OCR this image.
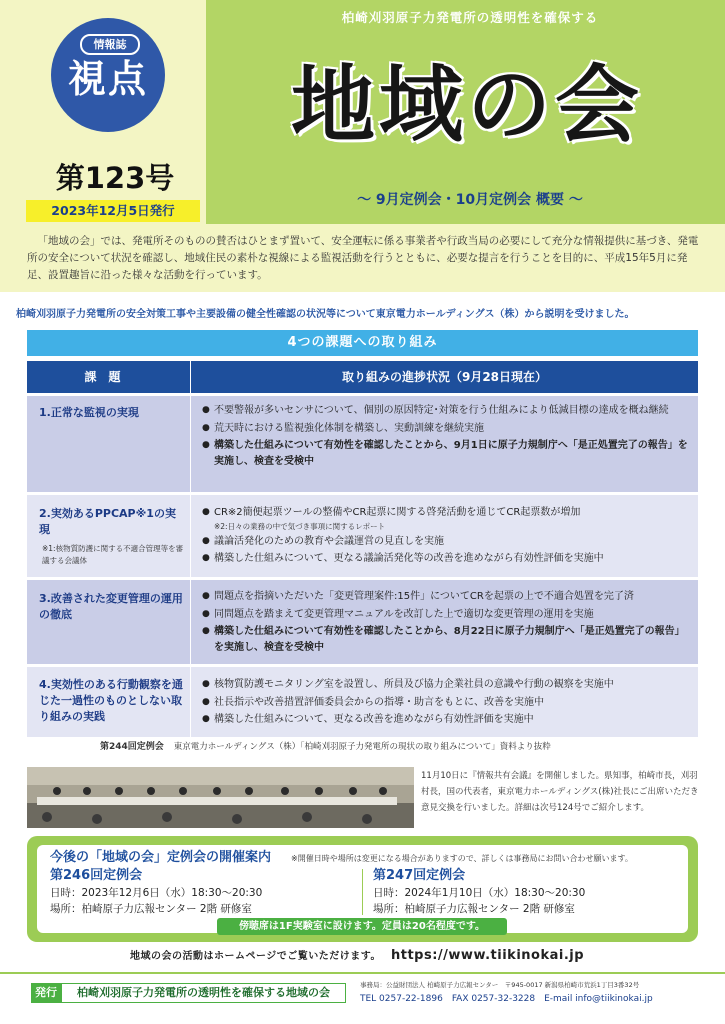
情報誌
視点
第123号
2023年12月5日発行
柏崎刈羽原子力発電所の透明性を確保する
地域の会
～ 9月定例会・10月定例会 概要 ～
「地域の会」では、発電所そのものの賛否はひとまず置いて、安全運転に係る事業者や行政当局の必要にして充分な情報提供に基づき、発電所の安全について状況を確認し、地域住民の素朴な視線による監視活動を行うとともに、必要な提言を行うことを目的に、平成15年5月に発足、設置趣旨に沿った様々な活動を行っています。
柏崎刈羽原子力発電所の安全対策工事や主要設備の健全性確認の状況等について東京電力ホールディングス（株）から説明を受けました。
4つの課題への取り組み
課題	取り組みの進捗状況（9月28日現在）
1.正常な監視の実現
●	不要警報が多いセンサについて、個別の原因特定･対策を行う仕組みにより低減目標の達成を概ね継続
● 荒天時における監視強化体制を構築し、実動訓練を継続実施
● 構築した仕組みについて有効性を確認したことから、9月1日に原子力規制庁へ「是正処置完了の報告」を実施し、検査を受検中
2.実効あるPPCAP※1の実現
※1:核物質防護に関する不適合管理等を審議する会議体
● CR※2簡便起票ツールの整備やCR起票に関する啓発活動を通じてCR起票数が増加
※2:日々の業務の中で気づき事項に関するレポート
● 議論活発化のための教育や会議運営の見直しを実施
● 構築した仕組みについて、更なる議論活発化等の改善を進めながら有効性評価を実施中
3.改善された変更管理の運用の徹底
● 問題点を指摘いただいた「変更管理案件:15件」についてCRを起票の上で不適合処置を完了済
● 同問題点を踏まえて変更管理マニュアルを改訂した上で適切な変更管理の運用を実施
● 構築した仕組みについて有効性を確認したことから、8月22日に原子力規制庁へ「是正処置完了の報告」を実施し、検査を受検中
4.実効性のある行動観察を通じた一過性のものとしない取り組みの実践
● 核物質防護モニタリング室を設置し、所員及び協力企業社員の意識や行動の観察を実施中
● 社長指示や改善措置評価委員会からの指導・助言をもとに、改善を実施中
● 構築した仕組みについて、更なる改善を進めながら有効性評価を実施中
第244回定例会 東京電力ホールディングス（株）「柏崎刈羽原子力発電所の現状の取り組みについて」資料より抜粋
11月10日に『情報共有会議』を開催しました。県知事，柏崎市長，刈羽村長，国の代表者，東京電力ホールディングス(株)社長にご出席いただき意見交換を行いました。詳細は次号124号でご紹介します。
今後の「地域の会」定例会の開催案内	※開催日時や場所は変更になる場合がありますので、詳しくは事務局にお問い合わせ願います。
第246回定例会
日時：2023年12月6日（水）18:30～20:30
場所：柏崎原子力広報センター 2階 研修室
第247回定例会
日時：2024年1月10日（水）18:30～20:30
場所：柏崎原子力広報センター 2階 研修室
傍聴席は1F実験室に設けます。定員は20名程度です。
地域の会の活動はホームページでご覧いただけます。 https://www.tiikinokai.jp
発行	柏崎刈羽原子力発電所の透明性を確保する地域の会
事務局：公益財団法人 柏崎原子力広報センター　〒945-0017 新潟県柏崎市荒浜1丁目3番32号
TEL 0257-22-1896　FAX 0257-32-3228　E-mail info@tiikinokai.jp
